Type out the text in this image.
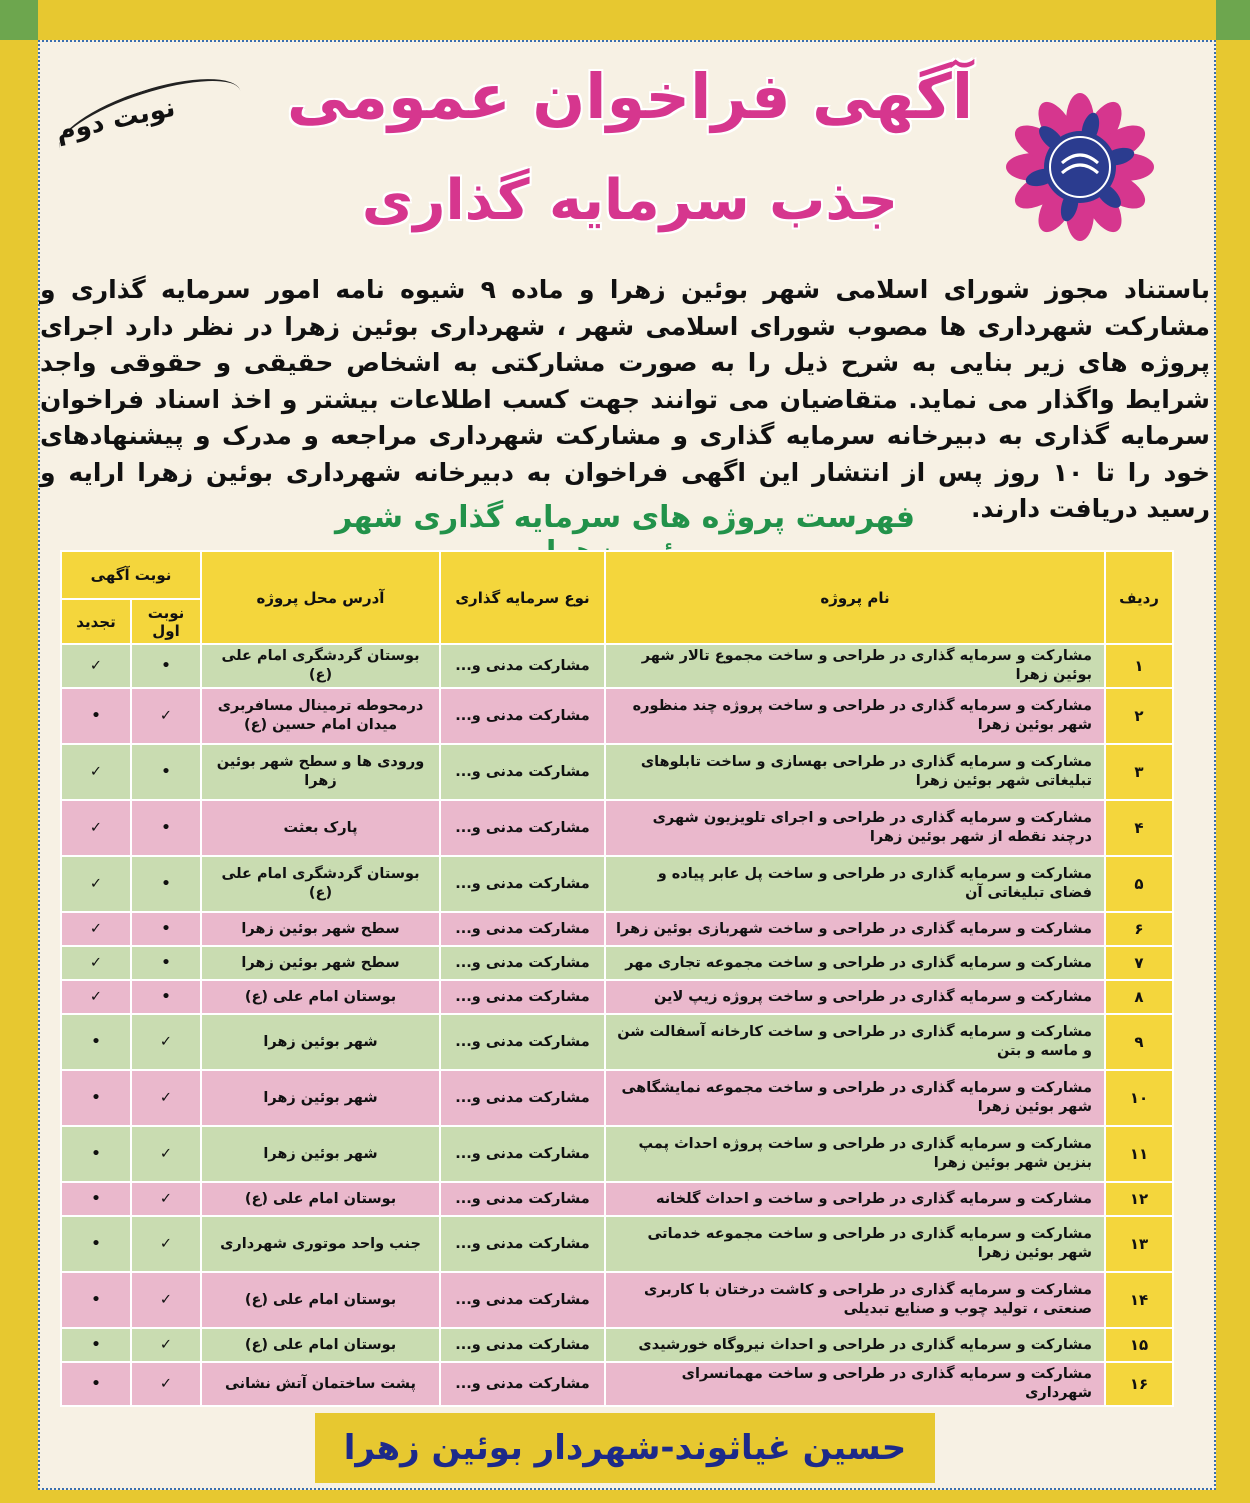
نوبت دوم آگهی فراخوان عمومی
جذب سرمایه گذاری
باستناد مجوز شورای اسلامی شهر بوئین زهرا و ماده ۹ شیوه نامه امور سرمایه گذاری و مشارکت شهرداری ها مصوب شورای اسلامی شهر ، شهرداری بوئین زهرا در نظر دارد اجرای پروژه های زیر بنایی به شرح ذیل را به صورت مشارکتی به اشخاص حقیقی و حقوقی واجد شرایط واگذار می نماید. متقاضیان می توانند جهت کسب اطلاعات بیشتر و اخذ اسناد فراخوان سرمایه گذاری به دبیرخانه سرمایه گذاری و مشارکت شهرداری مراجعه و مدرک و پیشنهادهای خود را تا ۱۰ روز پس از انتشار این اگهی فراخوان به دبیرخانه شهرداری بوئین زهرا ارایه و رسید دریافت دارند.
فهرست پروژه های سرمایه گذاری شهر
ردیف	نام پروژه	نوع سرمایه گذاری	آدرس محل پروژه	نوبت آگهی	
				نوبت اول	تجدید
۱	مشارکت و سرمایه گذاری در طراحی و ساخت مجموع تالار شهر بوئین زهرا	مشارکت مدنی و...	بوستان گردشگری امام علی (ع)	•	✓
۲	مشارکت و سرمایه گذاری در طراحی و ساخت پروژه چند منظوره شهر بوئین زهرا	مشارکت مدنی و...	درمحوطه ترمینال مسافربری میدان امام حسین (ع)	✓	•
۳	مشارکت و سرمایه گذاری در طراحی بهسازی و ساخت تابلوهای تبلیغاتی شهر بوئین زهرا	مشارکت مدنی و...	ورودی ها و سطح شهر بوئین زهرا	•	✓
۴	مشارکت و سرمایه گذاری در طراحی و اجرای تلویزیون شهری درچند نقطه از شهر بوئین زهرا	مشارکت مدنی و...	پارک بعثت	•	✓
۵	مشارکت و سرمایه گذاری در طراحی و ساخت پل عابر پیاده و فضای تبلیغاتی آن	مشارکت مدنی و...	بوستان گردشگری امام علی (ع)	•	✓
۶	مشارکت و سرمایه گذاری در طراحی و ساخت شهربازی بوئین زهرا	مشارکت مدنی و...	سطح شهر بوئین زهرا	•	✓
۷	مشارکت و سرمایه گذاری در طراحی و ساخت مجموعه تجاری مهر	مشارکت مدنی و...	سطح شهر بوئین زهرا	•	✓
۸	مشارکت و سرمایه گذاری در طراحی و ساخت پروژه زیپ لاین	مشارکت مدنی و...	بوستان امام علی (ع)	•	✓
۹	مشارکت و سرمایه گذاری در طراحی و ساخت کارخانه آسفالت شن و ماسه و بتن	مشارکت مدنی و...	شهر بوئین زهرا	✓	•
۱۰	مشارکت و سرمایه گذاری در طراحی و ساخت مجموعه نمایشگاهی شهر بوئین زهرا	مشارکت مدنی و...	شهر بوئین زهرا	✓	•
۱۱	مشارکت و سرمایه گذاری در طراحی و ساخت پروژه احداث پمپ بنزین شهر بوئین زهرا	مشارکت مدنی و...	شهر بوئین زهرا	✓	•
۱۲	مشارکت و سرمایه گذاری در طراحی و ساخت و احداث گلخانه	مشارکت مدنی و...	بوستان امام علی (ع)	✓	•
۱۳	مشارکت و سرمایه گذاری در طراحی و ساخت مجموعه خدماتی شهر بوئین زهرا	مشارکت مدنی و...	جنب واحد موتوری شهرداری	✓	•
۱۴	مشارکت و سرمایه گذاری در طراحی و کاشت درختان با کاربری صنعتی ، تولید چوب و صنایع تبدیلی	مشارکت مدنی و...	بوستان امام علی (ع)	✓	•
۱۵	مشارکت و سرمایه گذاری در طراحی و احداث نیروگاه خورشیدی	مشارکت مدنی و...	بوستان امام علی (ع)	✓	•
۱۶	مشارکت و سرمایه گذاری در طراحی و ساخت مهمانسرای شهرداری	مشارکت مدنی و...	پشت ساختمان آتش نشانی	✓	•
حسین غیاثوند-شهردار بوئین زهرا
